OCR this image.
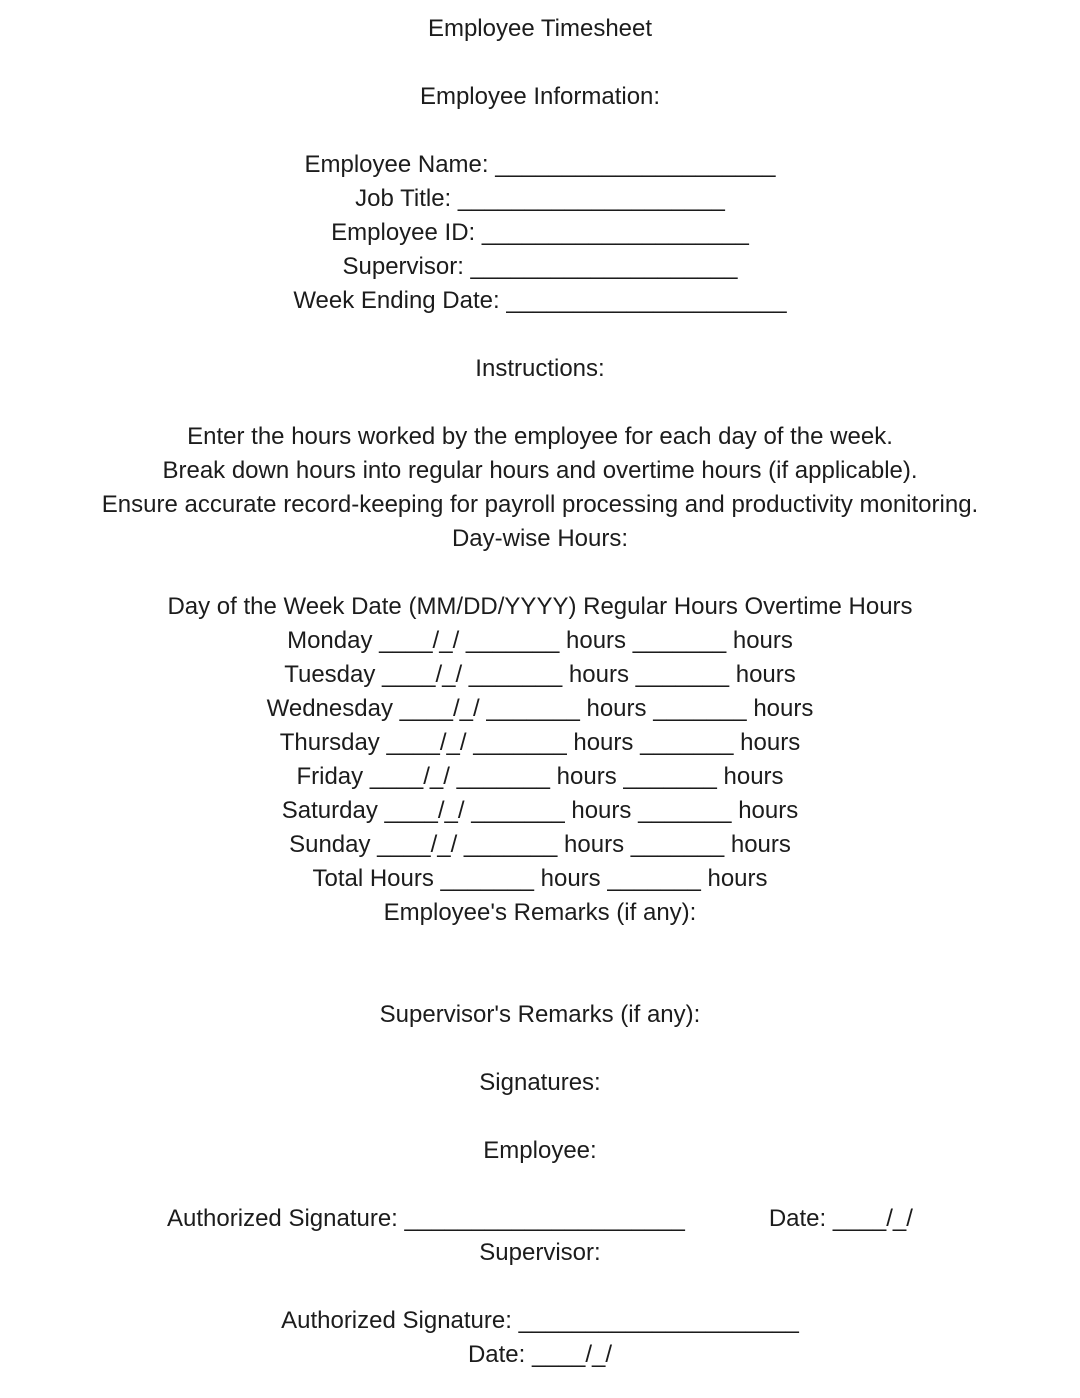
Employee Timesheet
Employee Information:
Employee Name: _____________________
Job Title: ____________________
Employee ID: ____________________
Supervisor: ____________________
Week Ending Date: _____________________
Instructions:
Enter the hours worked by the employee for each day of the week.
Break down hours into regular hours and overtime hours (if applicable).
Ensure accurate record-keeping for payroll processing and productivity monitoring.
Day-wise Hours:
Day of the Week Date (MM/DD/YYYY) Regular Hours Overtime Hours
Monday ____/_/ _______ hours _______ hours
Tuesday ____/_/ _______ hours _______ hours
Wednesday ____/_/ _______ hours _______ hours
Thursday ____/_/ _______ hours _______ hours
Friday ____/_/ _______ hours _______ hours
Saturday ____/_/ _______ hours _______ hours
Sunday ____/_/ _______ hours _______ hours
Total Hours _______ hours _______ hours
Employee's Remarks (if any):
Supervisor's Remarks (if any):
Signatures:
Employee:
Authorized Signature: _____________________	Date: ____/_/
Supervisor:
Authorized Signature: _____________________
Date: ____/_/
